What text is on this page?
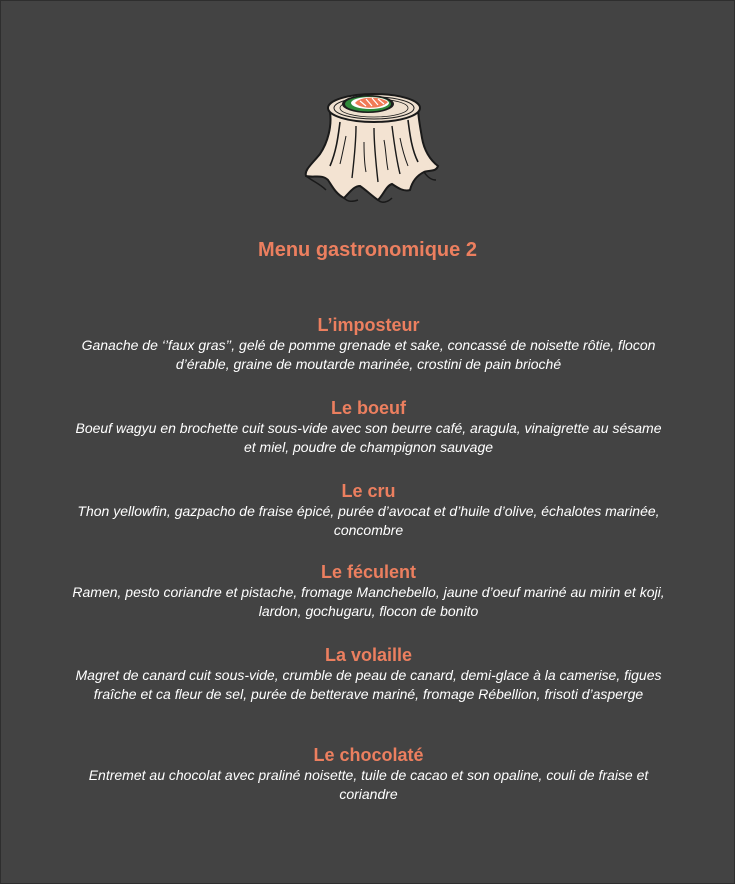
Menu gastronomique 2

L’imposteur

Ganache de ‘’faux gras’’, gelé de pomme grenade et sake, concassé de noisette rôtie, flocon d’érable, graine de moutarde marinée, crostini de pain brioché

Le boeuf

Boeuf wagyu en brochette cuit sous-vide avec son beurre café, aragula, vinaigrette au sésame et miel, poudre de champignon sauvage

Le cru

Thon yellowfin, gazpacho de fraise épicé, purée d’avocat et d’huile d’olive, échalotes marinée, concombre

Le féculent

Ramen, pesto coriandre et pistache, fromage Manchebello, jaune d’oeuf mariné au mirin et koji, lardon, gochugaru, flocon de bonito

La volaille

Magret de canard cuit sous-vide, crumble de peau de canard, demi-glace à la camerise, figues fraîche et ca fleur de sel, purée de betterave mariné, fromage Rébellion, frisoti d’asperge

Le chocolaté

Entremet au chocolat avec praliné noisette, tuile de cacao et son opaline, couli de fraise et coriandre
